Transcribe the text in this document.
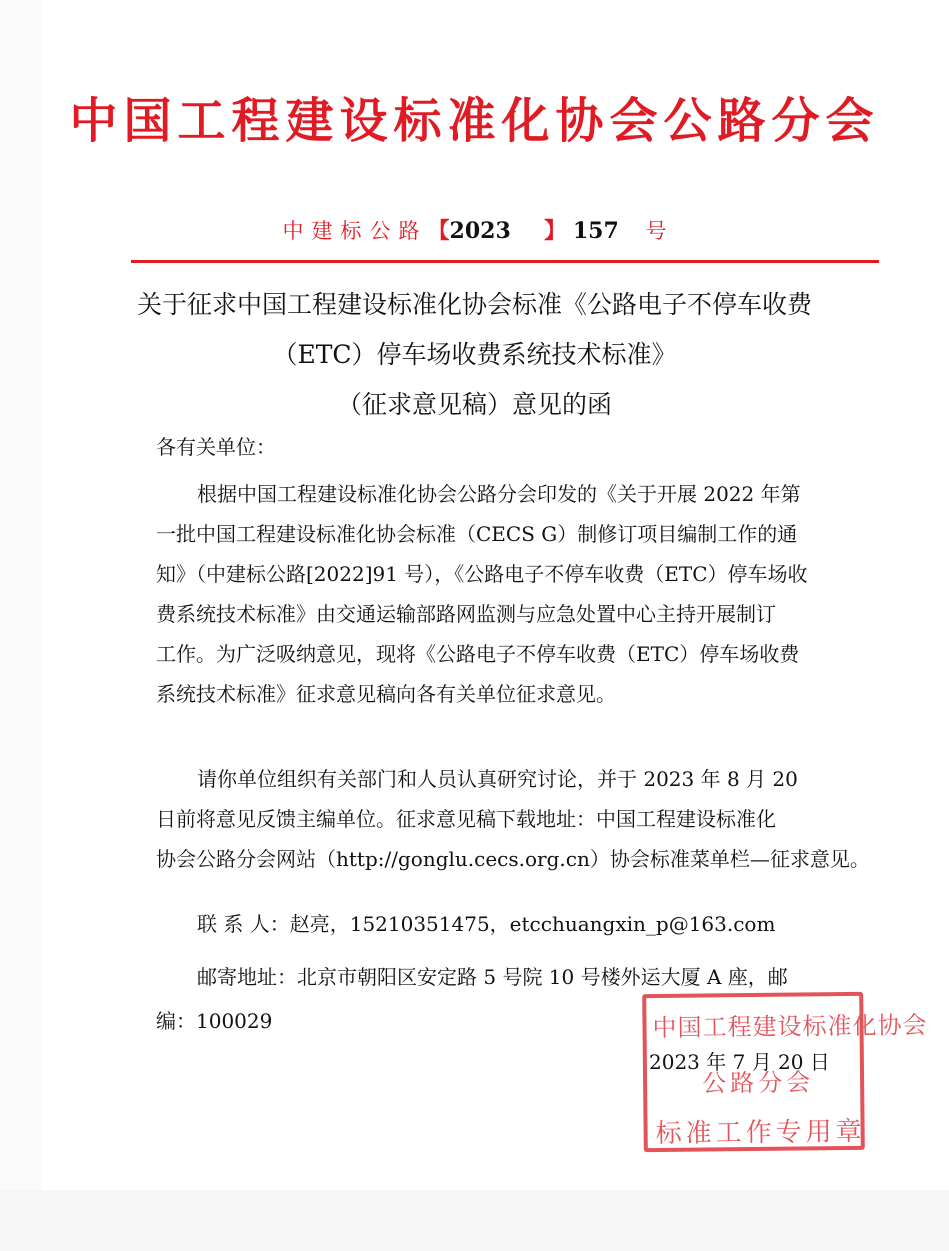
中国工程建设标准化协会公路分会
中建标公路【2023 】 157 号
关于征求中国工程建设标准化协会标准《公路电子不停车收费
（ETC）停车场收费系统技术标准》
（征求意见稿）意见的函
各有关单位：
根据中国工程建设标准化协会公路分会印发的《关于开展 2022 年第
一批中国工程建设标准化协会标准（CECS G）制修订项目编制工作的通
知》（中建标公路[2022]91 号），《公路电子不停车收费（ETC）停车场收
费系统技术标准》由交通运输部路网监测与应急处置中心主持开展制订
工作。为广泛吸纳意见，现将《公路电子不停车收费（ETC）停车场收费
系统技术标准》征求意见稿向各有关单位征求意见。
请你单位组织有关部门和人员认真研究讨论，并于 2023 年 8 月 20
日前将意见反馈主编单位。征求意见稿下载地址：中国工程建设标准化
协会公路分会网站（http://gonglu.cecs.org.cn）协会标准菜单栏—征求意见。
联 系 人：赵亮，15210351475，etcchuangxin_p@163.com
邮寄地址：北京市朝阳区安定路 5 号院 10 号楼外运大厦 A 座，邮
编：100029	中国工程建设标准化协会
公路分会
标准工作专用章
2023 年 7 月 20 日
